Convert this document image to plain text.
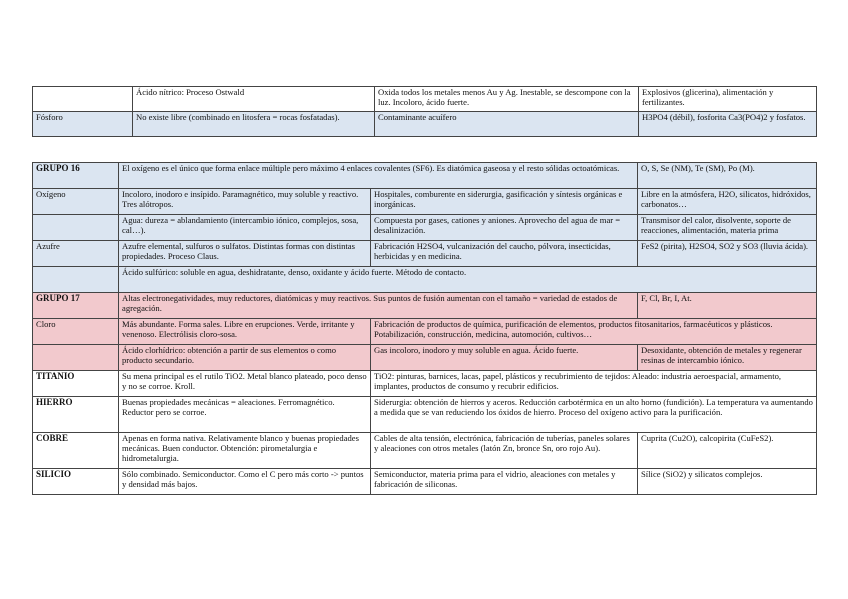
	Ácido nítrico: Proceso Ostwald	Oxida todos los metales menos Au y Ag. Inestable, se descompone con la luz. Incoloro, ácido fuerte.	Explosivos (glicerina), alimentación y fertilizantes.
Fósforo	No existe libre (combinado en litosfera = rocas fosfatadas).	Contaminante acuífero	H3PO4 (débil), fosforita Ca3(PO4)2 y fosfatos.
GRUPO 16	El oxígeno es el único que forma enlace múltiple pero máximo 4 enlaces covalentes (SF6). Es diatómica gaseosa y el resto sólidas octoatómicas.		O, S, Se (NM), Te (SM), Po (M).
Oxígeno	Incoloro, inodoro e insípido. Paramagnético, muy soluble y reactivo. Tres alótropos.	Hospitales, comburente en siderurgia, gasificación y síntesis orgánicas e inorgánicas.	Libre en la atmósfera, H2O, silicatos, hidróxidos, carbonatos…
	Agua: dureza = ablandamiento (intercambio iónico, complejos, sosa, cal…).	Compuesta por gases, cationes y aniones. Aprovecho del agua de mar = desalinización.	Transmisor del calor, disolvente, soporte de reacciones, alimentación, materia prima
Azufre	Azufre elemental, sulfuros o sulfatos. Distintas formas con distintas propiedades. Proceso Claus.	Fabricación H2SO4, vulcanización del caucho, pólvora, insecticidas, herbicidas y en medicina.	FeS2 (pirita), H2SO4, SO2 y SO3 (lluvia ácida).
	Ácido sulfúrico: soluble en agua, deshidratante, denso, oxidante y ácido fuerte. Método de contacto.		
GRUPO 17	Altas electronegatividades, muy reductores, diatómicas y muy reactivos. Sus puntos de fusión aumentan con el tamaño = variedad de estados de agregación.		F, Cl, Br, I, At.
Cloro	Más abundante. Forma sales. Libre en erupciones. Verde, irritante y venenoso. Electrólisis cloro-sosa.	Fabricación de productos de química, purificación de elementos, productos fitosanitarios, farmacéuticos y plásticos. Potabilización, construcción, medicina, automoción, cultivos…	
	Ácido clorhídrico: obtención a partir de sus elementos o como producto secundario.	Gas incoloro, inodoro y muy soluble en agua. Ácido fuerte.	Desoxidante, obtención de metales y regenerar resinas de intercambio iónico.
TITANIO	Su mena principal es el rutilo TiO2. Metal blanco plateado, poco denso y no se corroe. Kroll.	TiO2: pinturas, barnices, lacas, papel, plásticos y recubrimiento de tejidos: Aleado: industria aeroespacial, armamento, implantes, productos de consumo y recubrir edificios.	
HIERRO	Buenas propiedades mecánicas = aleaciones. Ferromagnético. Reductor pero se corroe.	Siderurgia: obtención de hierros y aceros. Reducción carbotérmica en un alto horno (fundición). La temperatura va aumentando a medida que se van reduciendo los óxidos de hierro. Proceso del oxígeno activo para la purificación.	
COBRE	Apenas en forma nativa. Relativamente blanco y buenas propiedades mecánicas. Buen conductor. Obtención: pirometalurgia e hidrometalurgia.	Cables de alta tensión, electrónica, fabricación de tuberías, paneles solares y aleaciones con otros metales (latón Zn, bronce Sn, oro rojo Au).	Cuprita (Cu2O), calcopirita (CuFeS2).
SILICIO	Sólo combinado. Semiconductor. Como el C pero más corto -> puntos y densidad más bajos.	Semiconductor, materia prima para el vidrio, aleaciones con metales y fabricación de siliconas.	Sílice (SiO2) y silicatos complejos.
